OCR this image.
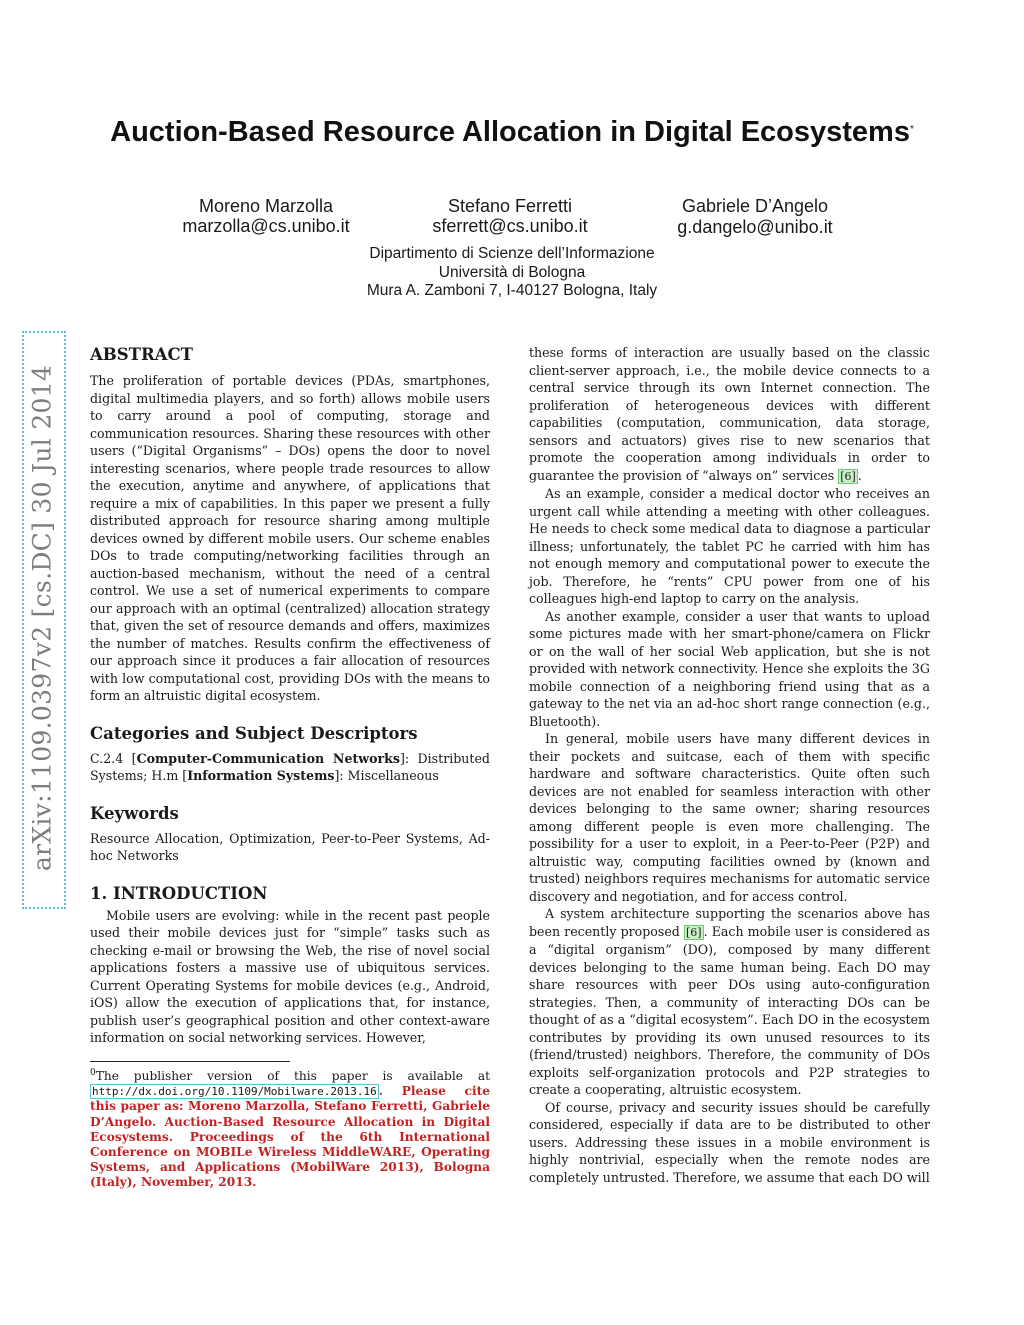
Auction-Based Resource Allocation in Digital Ecosystems*
Moreno Marzolla
marzolla@cs.unibo.it
Stefano Ferretti
sferrett@cs.unibo.it
Gabriele D’Angelo
g.dangelo@unibo.it
Dipartimento di Scienze dell’Informazione
Università di Bologna
Mura A. Zamboni 7, I-40127 Bologna, Italy
arXiv:1109.0397v2 [cs.DC] 30 Jul 2014
ABSTRACT

The proliferation of portable devices (PDAs, smartphones, digital multimedia players, and so forth) allows mobile users to carry around a pool of computing, storage and communication resources. Sharing these resources with other users (“Digital Organisms” – DOs) opens the door to novel interesting scenarios, where people trade resources to allow the execution, anytime and anywhere, of applications that require a mix of capabilities. In this paper we present a fully distributed approach for resource sharing among multiple devices owned by different mobile users. Our scheme enables DOs to trade computing/networking facilities through an auction-based mechanism, without the need of a central control. We use a set of numerical experiments to compare our approach with an optimal (centralized) allocation strategy that, given the set of resource demands and offers, maximizes the number of matches. Results confirm the effectiveness of our approach since it produces a fair allocation of resources with low computational cost, providing DOs with the means to form an altruistic digital ecosystem.

Categories and Subject Descriptors

C.2.4 [Computer-Communication Networks]: Distributed Systems; H.m [Information Systems]: Miscellaneous

Keywords

Resource Allocation, Optimization, Peer-to-Peer Systems, Ad-hoc Networks

1. INTRODUCTION

Mobile users are evolving: while in the recent past people used their mobile devices just for “simple” tasks such as checking e-mail or browsing the Web, the rise of novel social applications fosters a massive use of ubiquitous services. Current Operating Systems for mobile devices (e.g., Android, iOS) allow the execution of applications that, for instance, publish user’s geographical position and other context-aware information on social networking services. However,

$^0$The publisher version of this paper is available at http://dx.doi.org/10.1109/Mobilware.2013.16 . Please cite this paper as: Moreno Marzolla, Stefano Ferretti, Gabriele D’Angelo. Auction-Based Resource Allocation in Digital Ecosystems. Proceedings of the 6th International Conference on MOBILe Wireless MiddleWARE, Operating Systems, and Applications (MobilWare 2013), Bologna (Italy), November, 2013.

these forms of interaction are usually based on the classic client-server approach, i.e., the mobile device connects to a central service through its own Internet connection. The proliferation of heterogeneous devices with different capabilities (computation, communication, data storage, sensors and actuators) gives rise to new scenarios that promote the cooperation among individuals in order to guarantee the provision of “always on” services [6] .

As an example, consider a medical doctor who receives an urgent call while attending a meeting with other colleagues. He needs to check some medical data to diagnose a particular illness; unfortunately, the tablet PC he carried with him has not enough memory and computational power to execute the job. Therefore, he “rents” CPU power from one of his colleagues high-end laptop to carry on the analysis.

As another example, consider a user that wants to upload some pictures made with her smart-phone/camera on Flickr or on the wall of her social Web application, but she is not provided with network connectivity. Hence she exploits the 3G mobile connection of a neighboring friend using that as a gateway to the net via an ad-hoc short range connection (e.g., Bluetooth).

In general, mobile users have many different devices in their pockets and suitcase, each of them with specific hardware and software characteristics. Quite often such devices are not enabled for seamless interaction with other devices belonging to the same owner; sharing resources among different people is even more challenging. The possibility for a user to exploit, in a Peer-to-Peer (P2P) and altruistic way, computing facilities owned by (known and trusted) neighbors requires mechanisms for automatic service discovery and negotiation, and for access control.

A system architecture supporting the scenarios above has been recently proposed [6] . Each mobile user is considered as a “digital organism” (DO), composed by many different devices belonging to the same human being. Each DO may share resources with peer DOs using auto-configuration strategies. Then, a community of interacting DOs can be thought of as a “digital ecosystem”. Each DO in the ecosystem contributes by providing its own unused resources to its (friend/trusted) neighbors. Therefore, the community of DOs exploits self-organization protocols and P2P strategies to create a cooperating, altruistic ecosystem.

Of course, privacy and security issues should be carefully considered, especially if data are to be distributed to other users. Addressing these issues in a mobile environment is highly nontrivial, especially when the remote nodes are completely untrusted. Therefore, we assume that each DO will
